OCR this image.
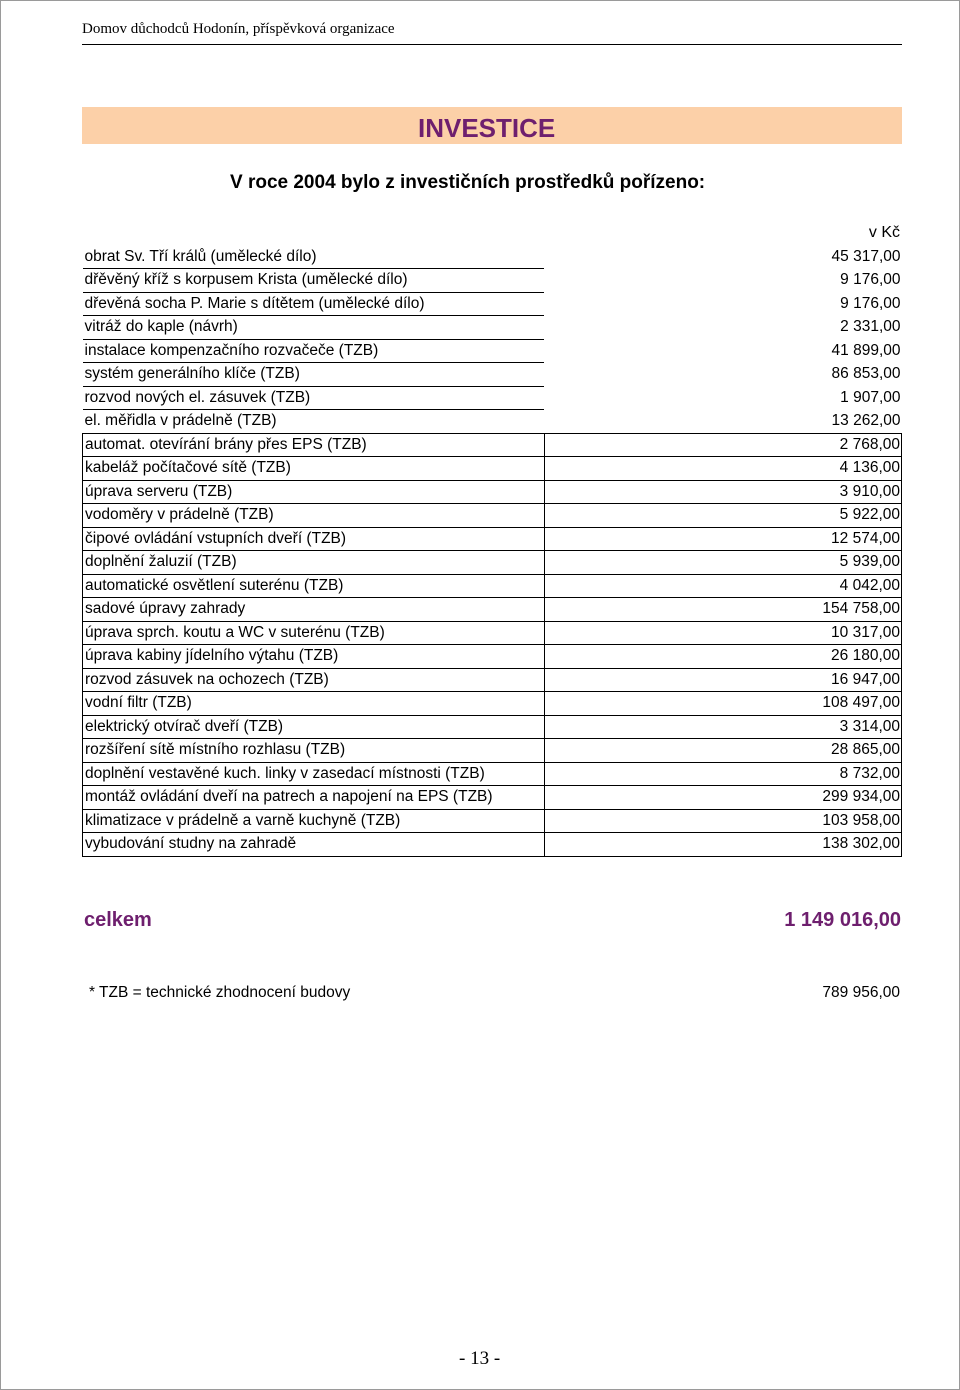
Domov důchodců Hodonín, příspěvková organizace
INVESTICE
V roce 2004 bylo z investičních prostředků pořízeno:
v Kč
obrat Sv. Tří králů (umělecké dílo)	45 317,00
dřěvěný kříž s korpusem Krista (umělecké dílo)	9 176,00
dřevěná socha P. Marie s dítětem (umělecké dílo)	9 176,00
vitráž do kaple (návrh)	2 331,00
instalace kompenzačního rozvačeče (TZB)	41 899,00
systém generálního klíče (TZB)	86 853,00
rozvod nových el. zásuvek (TZB)	1 907,00
el. měřidla v prádelně (TZB)	13 262,00
automat. otevírání brány přes EPS (TZB)	2 768,00
kabeláž počítačové sítě (TZB)	4 136,00
úprava serveru (TZB)	3 910,00
vodoměry v prádelně (TZB)	5 922,00
čipové ovládání vstupních dveří (TZB)	12 574,00
doplnění žaluzií (TZB)	5 939,00
automatické osvětlení suterénu (TZB)	4 042,00
sadové úpravy zahrady	154 758,00
úprava sprch. koutu a WC v suterénu (TZB)	10 317,00
úprava kabiny jídelního výtahu (TZB)	26 180,00
rozvod zásuvek na ochozech (TZB)	16 947,00
vodní filtr (TZB)	108 497,00
elektrický otvírač dveří (TZB)	3 314,00
rozšíření sítě místního rozhlasu (TZB)	28 865,00
doplnění vestavěné kuch. linky v zasedací místnosti (TZB)	8 732,00
montáž ovládání dveří na patrech a napojení na EPS (TZB)	299 934,00
klimatizace v prádelně a varně kuchyně (TZB)	103 958,00
vybudování studny na zahradě	138 302,00
celkem	1 149 016,00
* TZB = technické zhodnocení budovy	789 956,00
- 13 -
